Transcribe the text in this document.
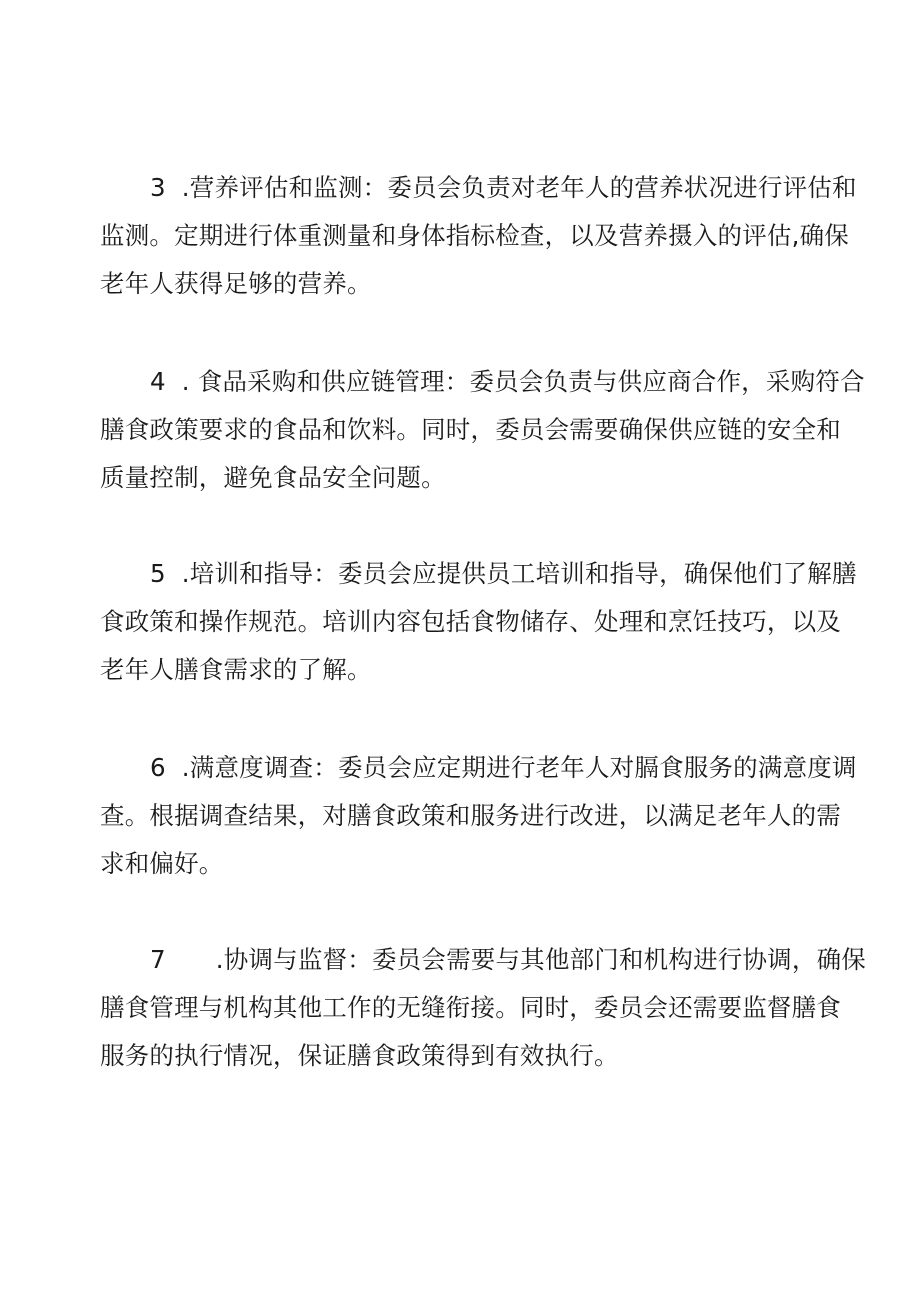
3 .营养评估和监测：委员会负责对老年人的营养状况进行评估和
监测。定期进行体重测量和身体指标检查，以及营养摄入的评估,确保
老年人获得足够的营养。
4 . 食品采购和供应链管理：委员会负责与供应商合作，采购符合
膳食政策要求的食品和饮料。同时，委员会需要确保供应链的安全和
质量控制，避免食品安全问题。
5 .培训和指导：委员会应提供员工培训和指导，确保他们了解膳
食政策和操作规范。培训内容包括食物储存、处理和烹饪技巧，以及
老年人膳食需求的了解。
6 .满意度调查：委员会应定期进行老年人对膈食服务的满意度调
查。根据调查结果，对膳食政策和服务进行改进，以满足老年人的需
求和偏好。
7 .协调与监督：委员会需要与其他部门和机构进行协调，确保
膳食管理与机构其他工作的无缝衔接。同时，委员会还需要监督膳食
服务的执行情况，保证膳食政策得到有效执行。
